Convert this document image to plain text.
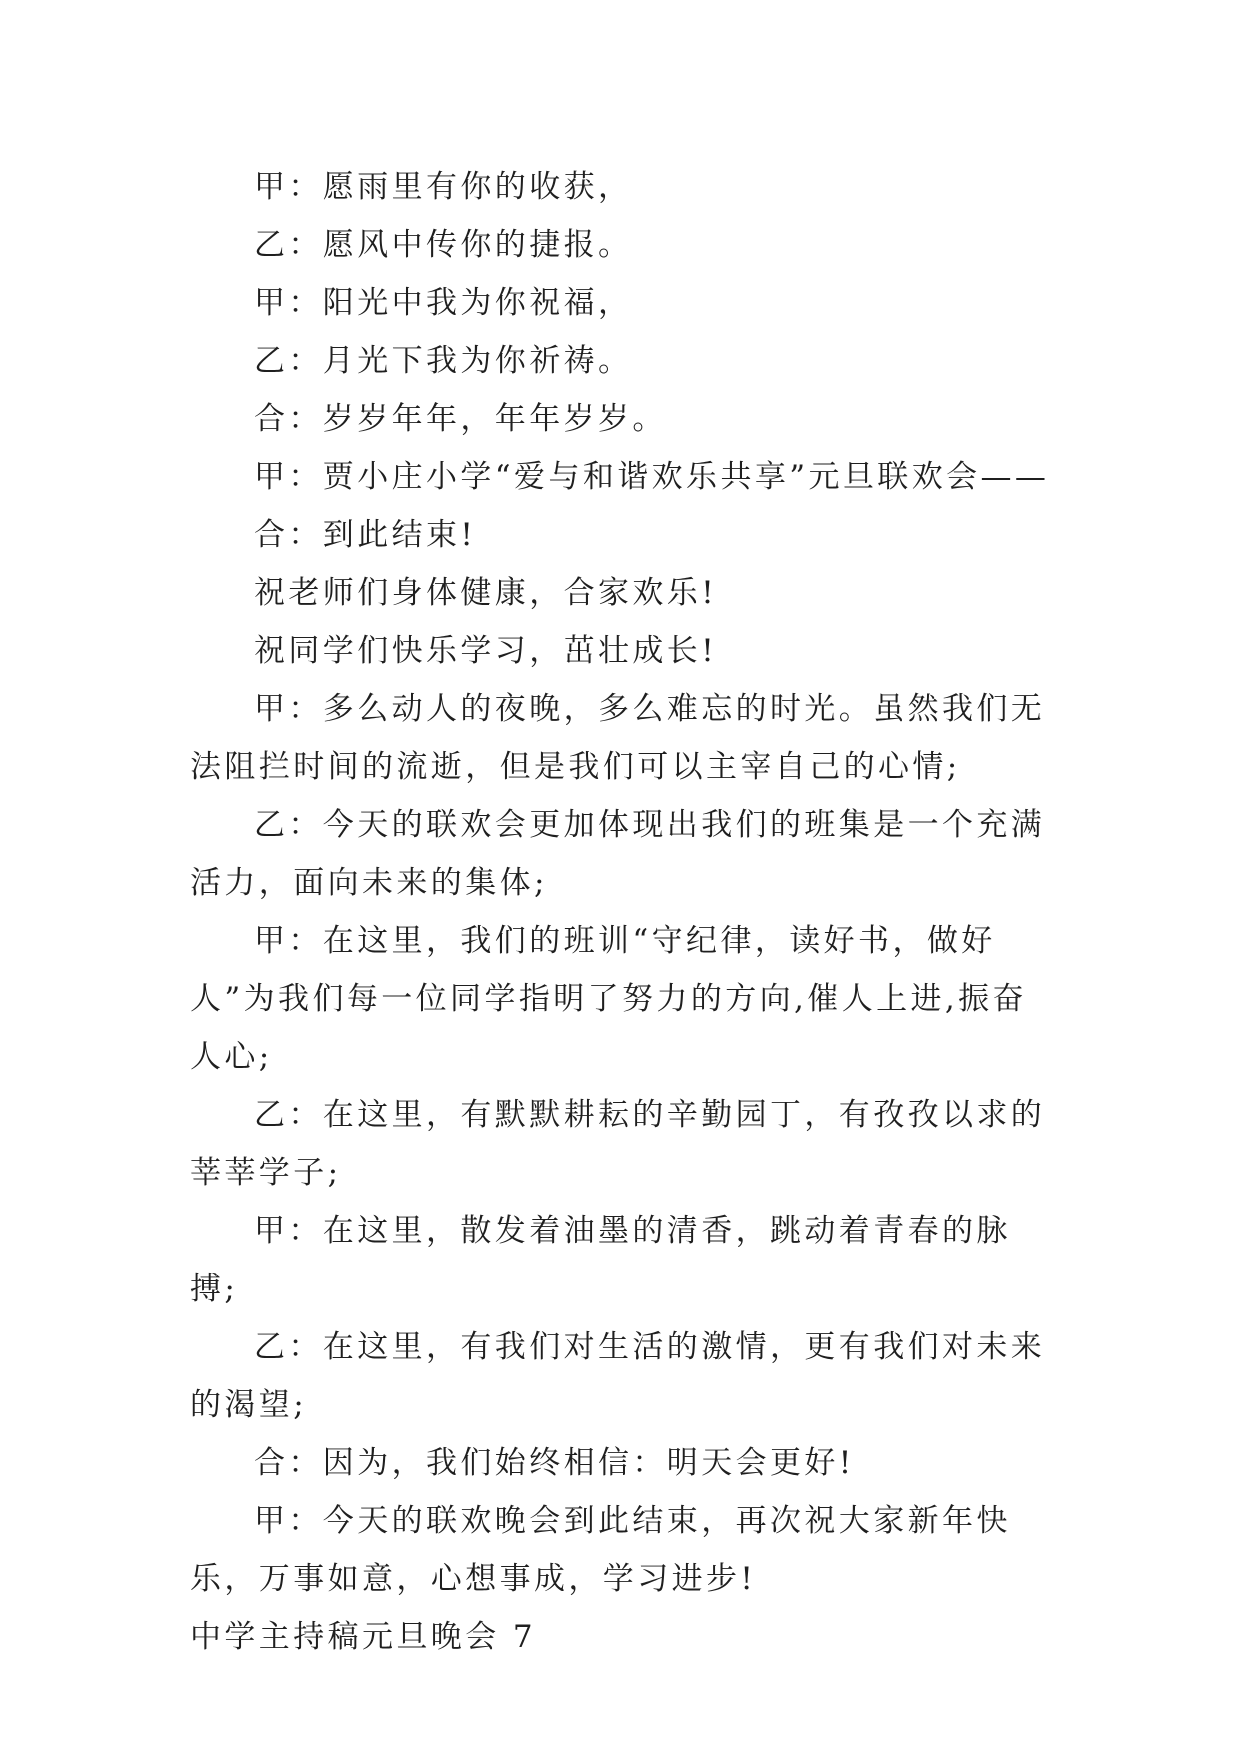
甲：愿雨里有你的收获，

乙：愿风中传你的捷报。

甲：阳光中我为你祝福，

乙：月光下我为你祈祷。

合：岁岁年年，年年岁岁。

甲：贾小庄小学“爱与和谐欢乐共享”元旦联欢会——

合：到此结束!

祝老师们身体健康，合家欢乐!

祝同学们快乐学习，茁壮成长!

甲：多么动人的夜晚，多么难忘的时光。虽然我们无法阻拦时间的流逝，但是我们可以主宰自己的心情;

乙：今天的联欢会更加体现出我们的班集是一个充满活力，面向未来的集体;

甲：在这里，我们的班训“守纪律，读好书，做好人”为我们每一位同学指明了努力的方向,催人上进,振奋人心;

乙：在这里，有默默耕耘的辛勤园丁，有孜孜以求的莘莘学子;

甲：在这里，散发着油墨的清香，跳动着青春的脉搏;

乙：在这里，有我们对生活的激情，更有我们对未来的渴望;

合：因为，我们始终相信：明天会更好!

甲：今天的联欢晚会到此结束，再次祝大家新年快乐，万事如意，心想事成，学习进步!

中学主持稿元旦晚会 7
